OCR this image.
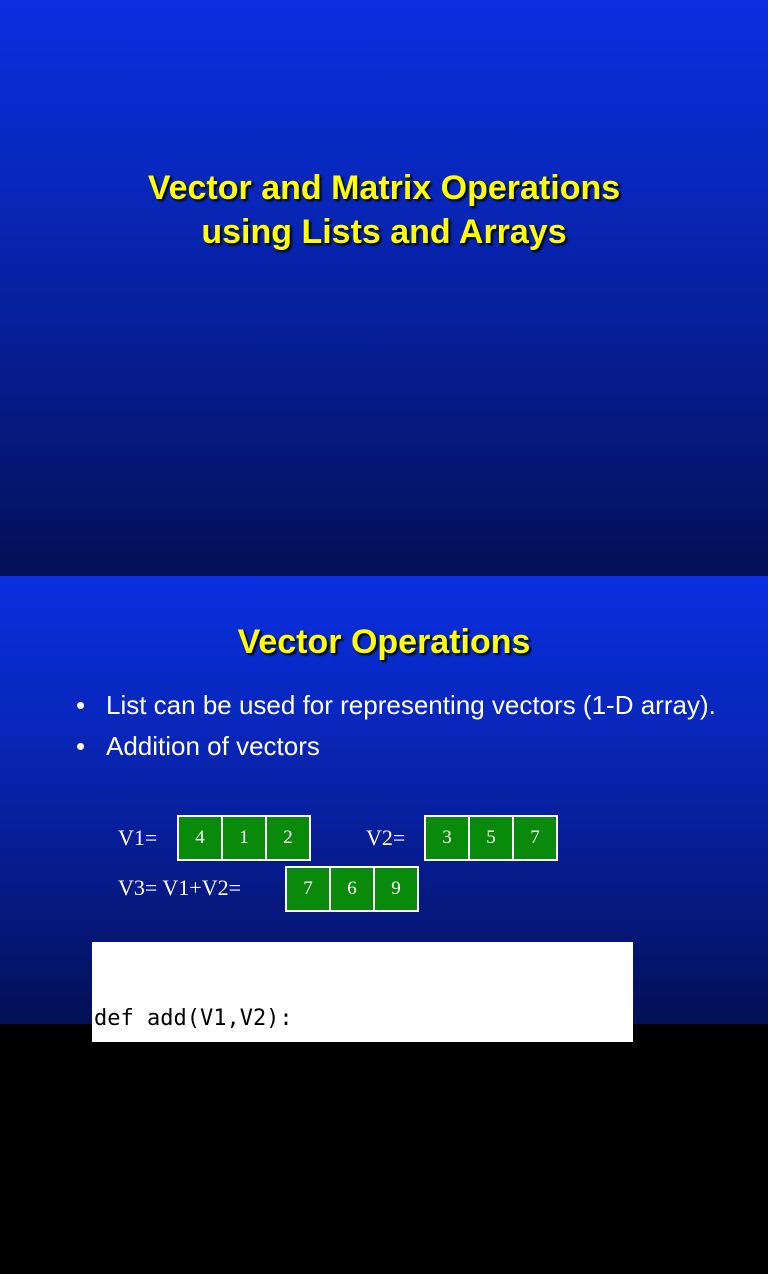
Vector and Matrix Operations
using Lists and Arrays
Vector Operations
• List can be used for representing vectors (1-D array).
• Addition of vectors
V1=	4	1	2	V2=	3	5	7
V3= V1+V2=	7	6	9

def add(V1,V2):

V3=[0 for i in range(len(V1))]

for i in range(len(V1)):
